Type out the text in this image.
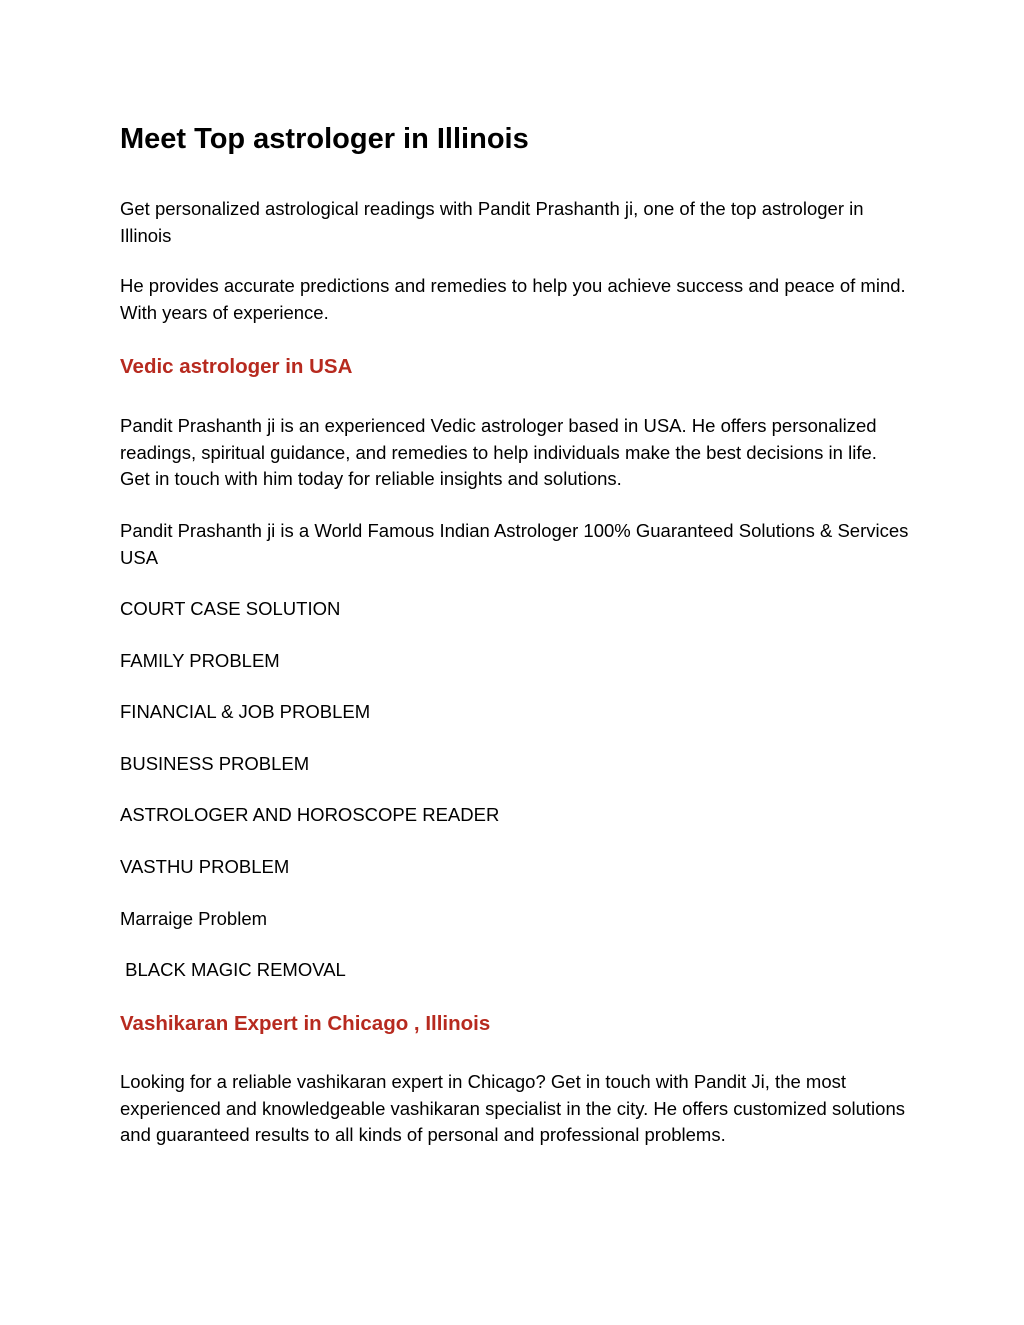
Meet Top astrologer in Illinois

Get personalized astrological readings with Pandit Prashanth ji, one of the top astrologer in Illinois

He provides accurate predictions and remedies to help you achieve success and peace of mind. With years of experience.

Vedic astrologer in USA

Pandit Prashanth ji is an experienced Vedic astrologer based in USA. He offers personalized readings, spiritual guidance, and remedies to help individuals make the best decisions in life. Get in touch with him today for reliable insights and solutions.

Pandit Prashanth ji is a World Famous Indian Astrologer 100% Guaranteed Solutions & Services USA

COURT CASE SOLUTION

FAMILY PROBLEM

FINANCIAL & JOB PROBLEM

BUSINESS PROBLEM

ASTROLOGER AND HOROSCOPE READER

VASTHU PROBLEM

Marraige Problem

BLACK MAGIC REMOVAL

Vashikaran Expert in Chicago , Illinois

Looking for a reliable vashikaran expert in Chicago? Get in touch with Pandit Ji, the most experienced and knowledgeable vashikaran specialist in the city. He offers customized solutions and guaranteed results to all kinds of personal and professional problems.
